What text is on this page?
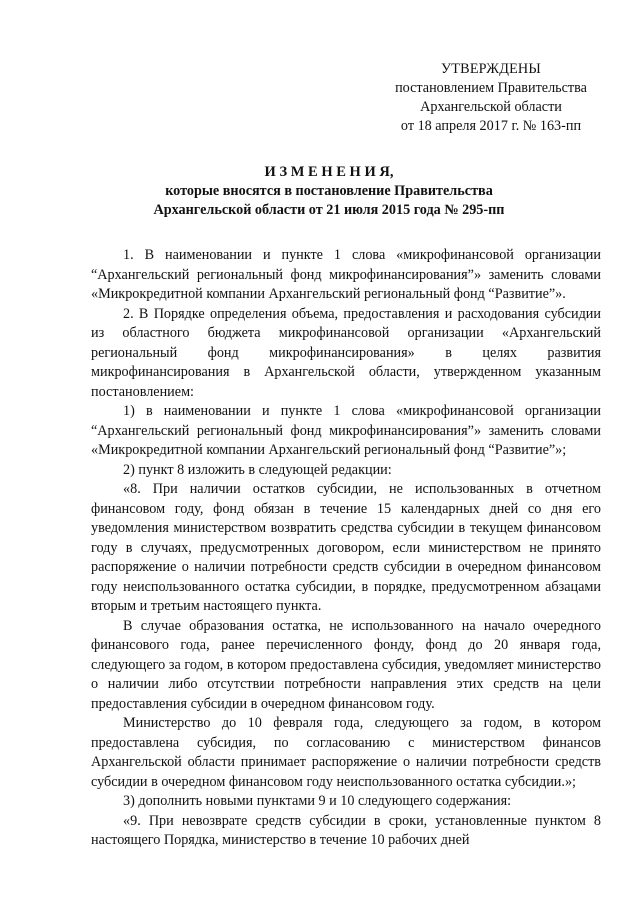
УТВЕРЖДЕНЫ
постановлением Правительства
Архангельской области
от 18 апреля 2017 г. № 163-пп
И З М Е Н Е Н И Я,
которые вносятся в постановление Правительства
Архангельской области от 21 июля 2015 года № 295-пп

1. В наименовании и пункте 1 слова «микрофинансовой организации “Архангельский региональный фонд микрофинансирования”» заменить словами «Микрокредитной компании Архангельский региональный фонд “Развитие”».

2. В Порядке определения объема, предоставления и расходования субсидии из областного бюджета микрофинансовой организации «Архангельский региональный фонд микрофинансирования» в целях развития микрофинансирования в Архангельской области, утвержденном указанным постановлением:

1) в наименовании и пункте 1 слова «микрофинансовой организации “Архангельский региональный фонд микрофинансирования”» заменить словами «Микрокредитной компании Архангельский региональный фонд “Развитие”»;

2) пункт 8 изложить в следующей редакции:

«8. При наличии остатков субсидии, не использованных в отчетном финансовом году, фонд обязан в течение 15 календарных дней со дня его уведомления министерством возвратить средства субсидии в текущем финансовом году в случаях, предусмотренных договором, если министерством не принято распоряжение о наличии потребности средств субсидии в очередном финансовом году неиспользованного остатка субсидии, в порядке, предусмотренном абзацами вторым и третьим настоящего пункта.

В случае образования остатка, не использованного на начало очередного финансового года, ранее перечисленного фонду, фонд до 20 января года, следующего за годом, в котором предоставлена субсидия, уведомляет министерство о наличии либо отсутствии потребности направления этих средств на цели предоставления субсидии в очередном финансовом году.

Министерство до 10 февраля года, следующего за годом, в котором предоставлена субсидия, по согласованию с министерством финансов Архангельской области принимает распоряжение о наличии потребности средств субсидии в очередном финансовом году неиспользованного остатка субсидии.»;

3) дополнить новыми пунктами 9 и 10 следующего содержания:

«9. При невозврате средств субсидии в сроки, установленные пунктом 8 настоящего Порядка, министерство в течение 10 рабочих дней
